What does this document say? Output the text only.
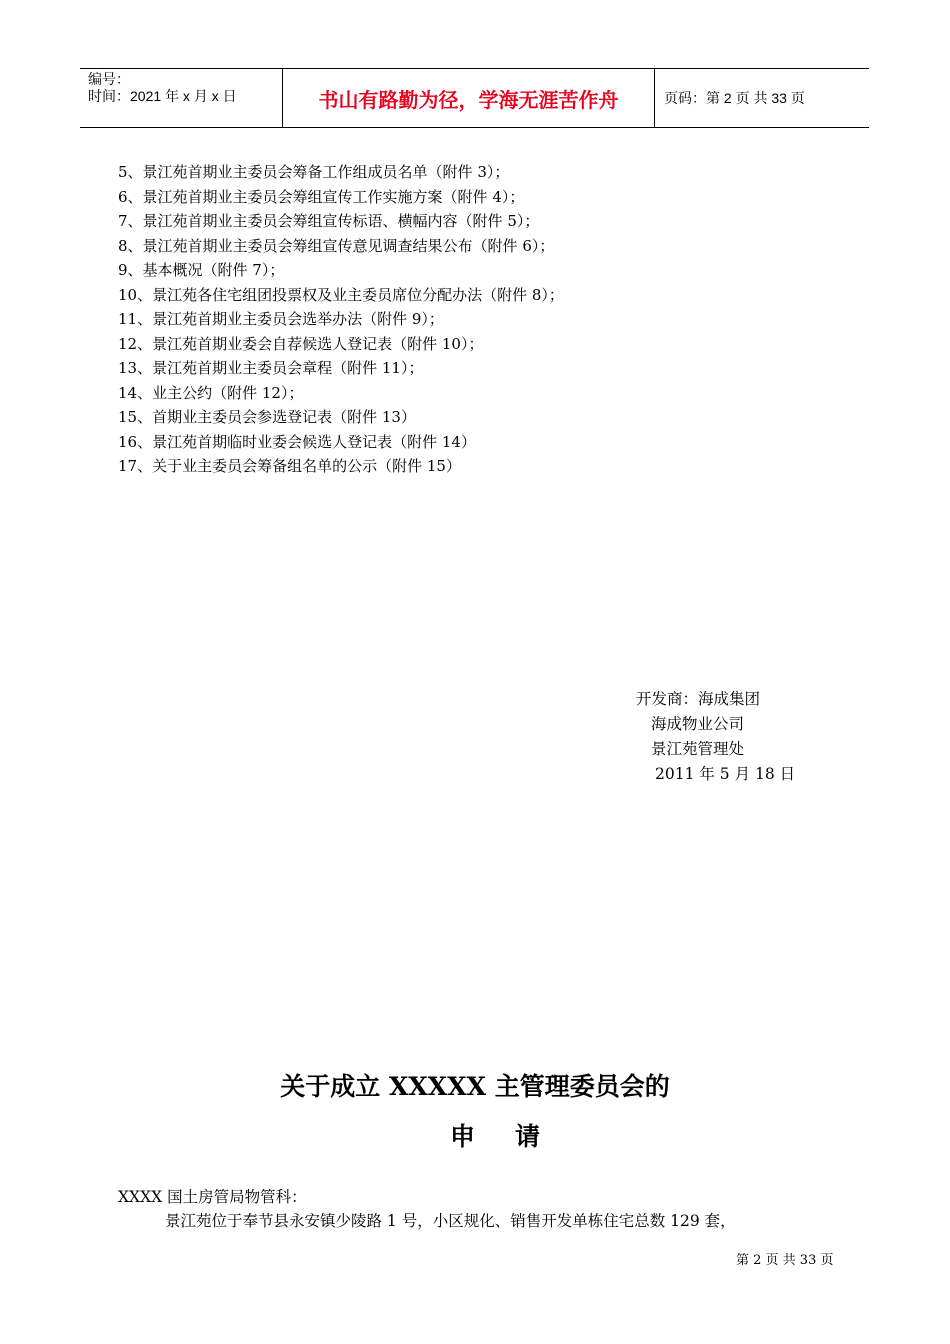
编号：
时间：2021 年 x 月 x 日	书山有路勤为径，学海无涯苦作舟	页码：第 2 页 共 33 页
5、景江苑首期业主委员会筹备工作组成员名单（附件 3）；
6、景江苑首期业主委员会筹组宣传工作实施方案（附件 4）；
7、景江苑首期业主委员会筹组宣传标语、横幅内容（附件 5）；
8、景江苑首期业主委员会筹组宣传意见调查结果公布（附件 6）；
9、基本概况（附件 7）；
10、景江苑各住宅组团投票权及业主委员席位分配办法（附件 8）；
11、景江苑首期业主委员会选举办法（附件 9）；
12、景江苑首期业委会自荐候选人登记表（附件 10）；
13、景江苑首期业主委员会章程（附件 11）；
14、业主公约（附件 12）；
15、首期业主委员会参选登记表（附件 13）
16、景江苑首期临时业委会候选人登记表（附件 14）
17、关于业主委员会筹备组名单的公示（附件 15）
开发商：海成集团
海成物业公司
景江苑管理处
2011 年 5 月 18 日
关于成立 XXXXX 主管理委员会的
申请
XXXX 国土房管局物管科：
景江苑位于奉节县永安镇少陵路 1 号，小区规化、销售开发单栋住宅总数 129 套，
第 2 页 共 33 页
